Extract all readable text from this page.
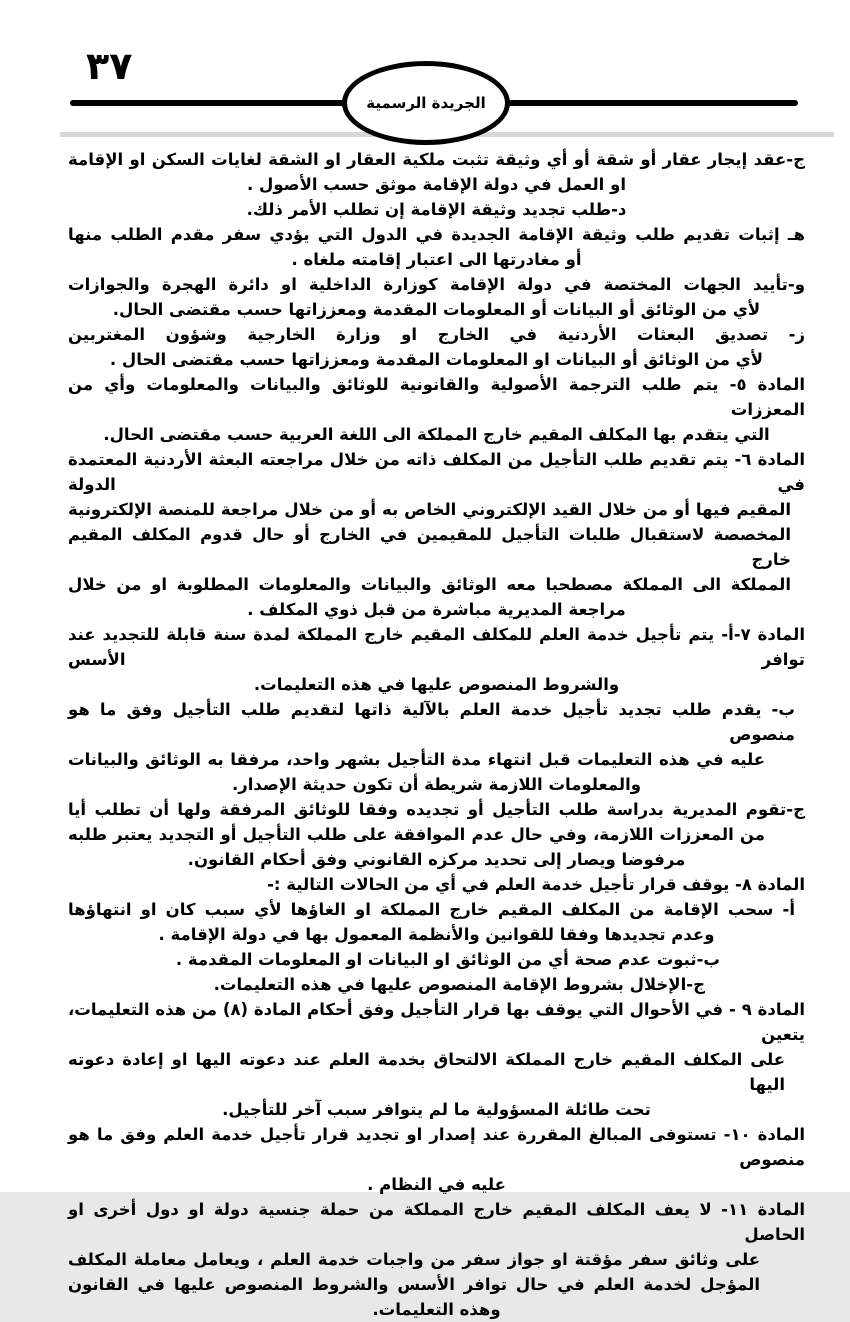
٣٧
الجريدة الرسمية
ج-عقد إيجار عقار أو شقة أو أي وثيقة تثبت ملكية العقار او الشقة لغايات السكن او الإقامة
او العمل في دولة الإقامة موثق حسب الأصول .
د-طلب تجديد وثيقة الإقامة إن تطلب الأمر ذلك.
هـ إثبات تقديم طلب وثيقة الإقامة الجديدة في الدول التي يؤدي سفر مقدم الطلب منها
أو مغادرتها الى اعتبار إقامته ملغاه .
و-تأييد الجهات المختصة في دولة الإقامة كوزارة الداخلية او دائرة الهجرة والجوازات
لأي من الوثائق أو البيانات أو المعلومات المقدمة ومعززاتها حسب مقتضى الحال.
ز- تصديق البعثات الأردنية في الخارج او وزارة الخارجية وشؤون المغتربين
لأي من الوثائق أو البيانات او المعلومات المقدمة ومعززاتها حسب مقتضى الحال .
المادة ٥- يتم طلب الترجمة الأصولية والقانونية للوثائق والبيانات والمعلومات وأي من المعززات
التي يتقدم بها المكلف المقيم خارج المملكة الى اللغة العربية حسب مقتضى الحال.
المادة ٦- يتم تقديم طلب التأجيل من المكلف ذاته من خلال مراجعته البعثة الأردنية المعتمدة في الدولة
المقيم فيها أو من خلال القيد الإلكتروني الخاص به أو من خلال مراجعة للمنصة الإلكترونية
المخصصة لاستقبال طلبات التأجيل للمقيمين في الخارج أو حال قدوم المكلف المقيم خارج
المملكة الى المملكة مصطحبا معه الوثائق والبيانات والمعلومات المطلوبة او من خلال
مراجعة المديرية مباشرة من قبل ذوي المكلف .
المادة ٧-أ- يتم تأجيل خدمة العلم للمكلف المقيم خارج المملكة لمدة سنة قابلة للتجديد عند توافر الأسس
والشروط المنصوص عليها في هذه التعليمات.
ب- يقدم طلب تجديد تأجيل خدمة العلم بالآلية ذاتها لتقديم طلب التأجيل وفق ما هو منصوص
عليه في هذه التعليمات قبل انتهاء مدة التأجيل بشهر واحد، مرفقا به الوثائق والبيانات
والمعلومات اللازمة شريطة أن تكون حديثة الإصدار.
ج-تقوم المديرية بدراسة طلب التأجيل أو تجديده وفقا للوثائق المرفقة ولها أن تطلب أيا
من المعززات اللازمة، وفي حال عدم الموافقة على طلب التأجيل أو التجديد يعتبر طلبه
مرفوضا ويصار إلى تحديد مركزه القانوني وفق أحكام القانون.
المادة ٨- يوقف قرار تأجيل خدمة العلم في أي من الحالات التالية :-
أ- سحب الإقامة من المكلف المقيم خارج المملكة او الغاؤها لأي سبب كان او انتهاؤها
وعدم تجديدها وفقا للقوانين والأنظمة المعمول بها في دولة الإقامة .
ب-ثبوت عدم صحة أي من الوثائق او البيانات او المعلومات المقدمة .
ج-الإخلال بشروط الإقامة المنصوص عليها في هذه التعليمات.
المادة ٩ - في الأحوال التي يوقف بها قرار التأجيل وفق أحكام المادة (٨) من هذه التعليمات، يتعين
على المكلف المقيم خارج المملكة الالتحاق بخدمة العلم عند دعوته اليها او إعادة دعوته اليها
تحت طائلة المسؤولية ما لم يتوافر سبب آخر للتأجيل.
المادة ١٠- تستوفى المبالغ المقررة عند إصدار او تجديد قرار تأجيل خدمة العلم وفق ما هو منصوص
عليه في النظام .
المادة ١١- لا يعف المكلف المقيم خارج المملكة من حملة جنسية دولة او دول أخرى او الحاصل
على وثائق سفر مؤقتة او جواز سفر من واجبات خدمة العلم ، ويعامل معاملة المكلف
المؤجل لخدمة العلم في حال توافر الأسس والشروط المنصوص عليها في القانون
وهذه التعليمات.
